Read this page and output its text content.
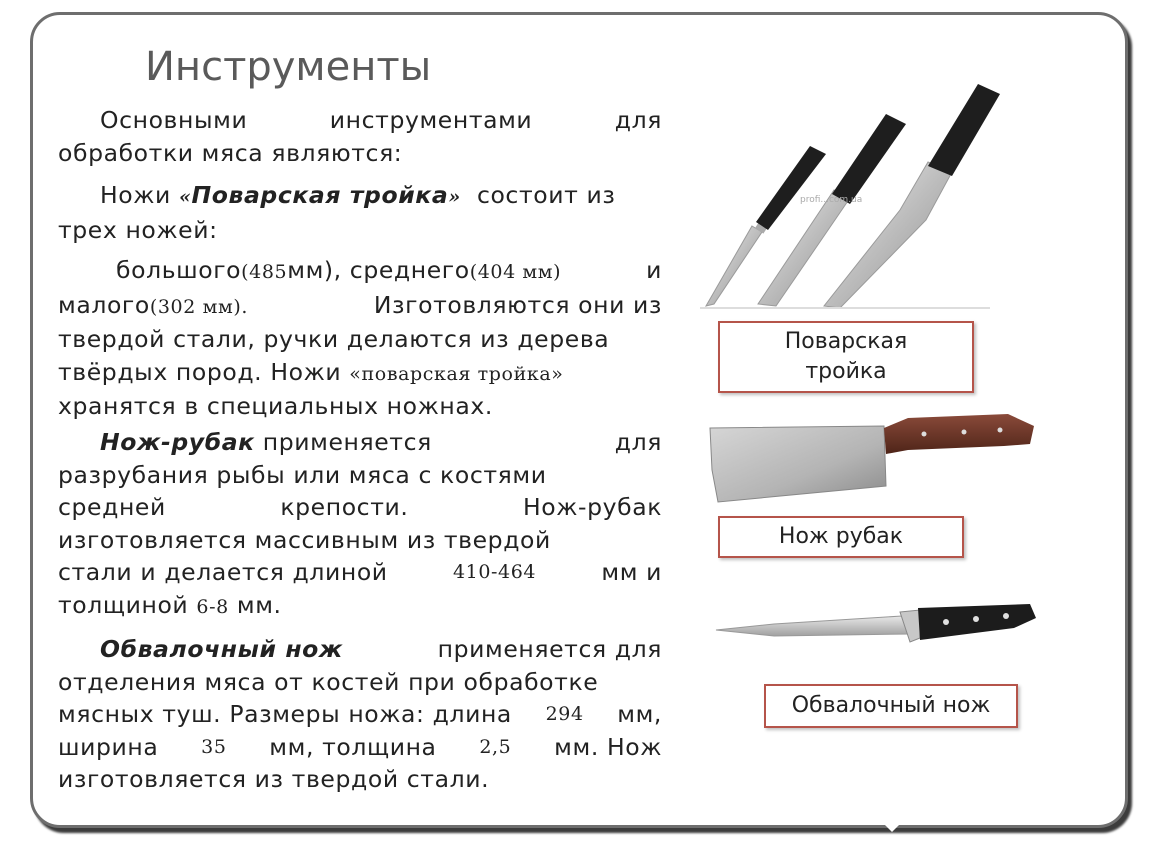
Инструменты
Основными	инструментами	для
обработки мяса являются:
Ножи «Поварская тройка» состоит из
трех ножей:
большого(485мм), среднего(404 мм)	и
малого(302 мм).	Изготовляются они из
твердой стали, ручки делаются из дерева
твёрдых пород. Ножи «поварская тройка»
хранятся в специальных ножнах.
Нож-рубак применяется	для
разрубания рыбы или мяса с костями
средней	крепости.	Нож-рубак
изготовляется массивным из твердой
стали и делается длиной	410-464	мм и
толщиной 6-8 мм.
Обвалочный нож	применяется для
отделения мяса от костей при обработке
мясных туш. Размеры ножа: длина 294 мм,
ширина 35 мм, толщина 2,5 мм. Нож
изготовляется из твердой стали.
profi...com.ua
Поварская тройка
Нож рубак
Обвалочный нож
